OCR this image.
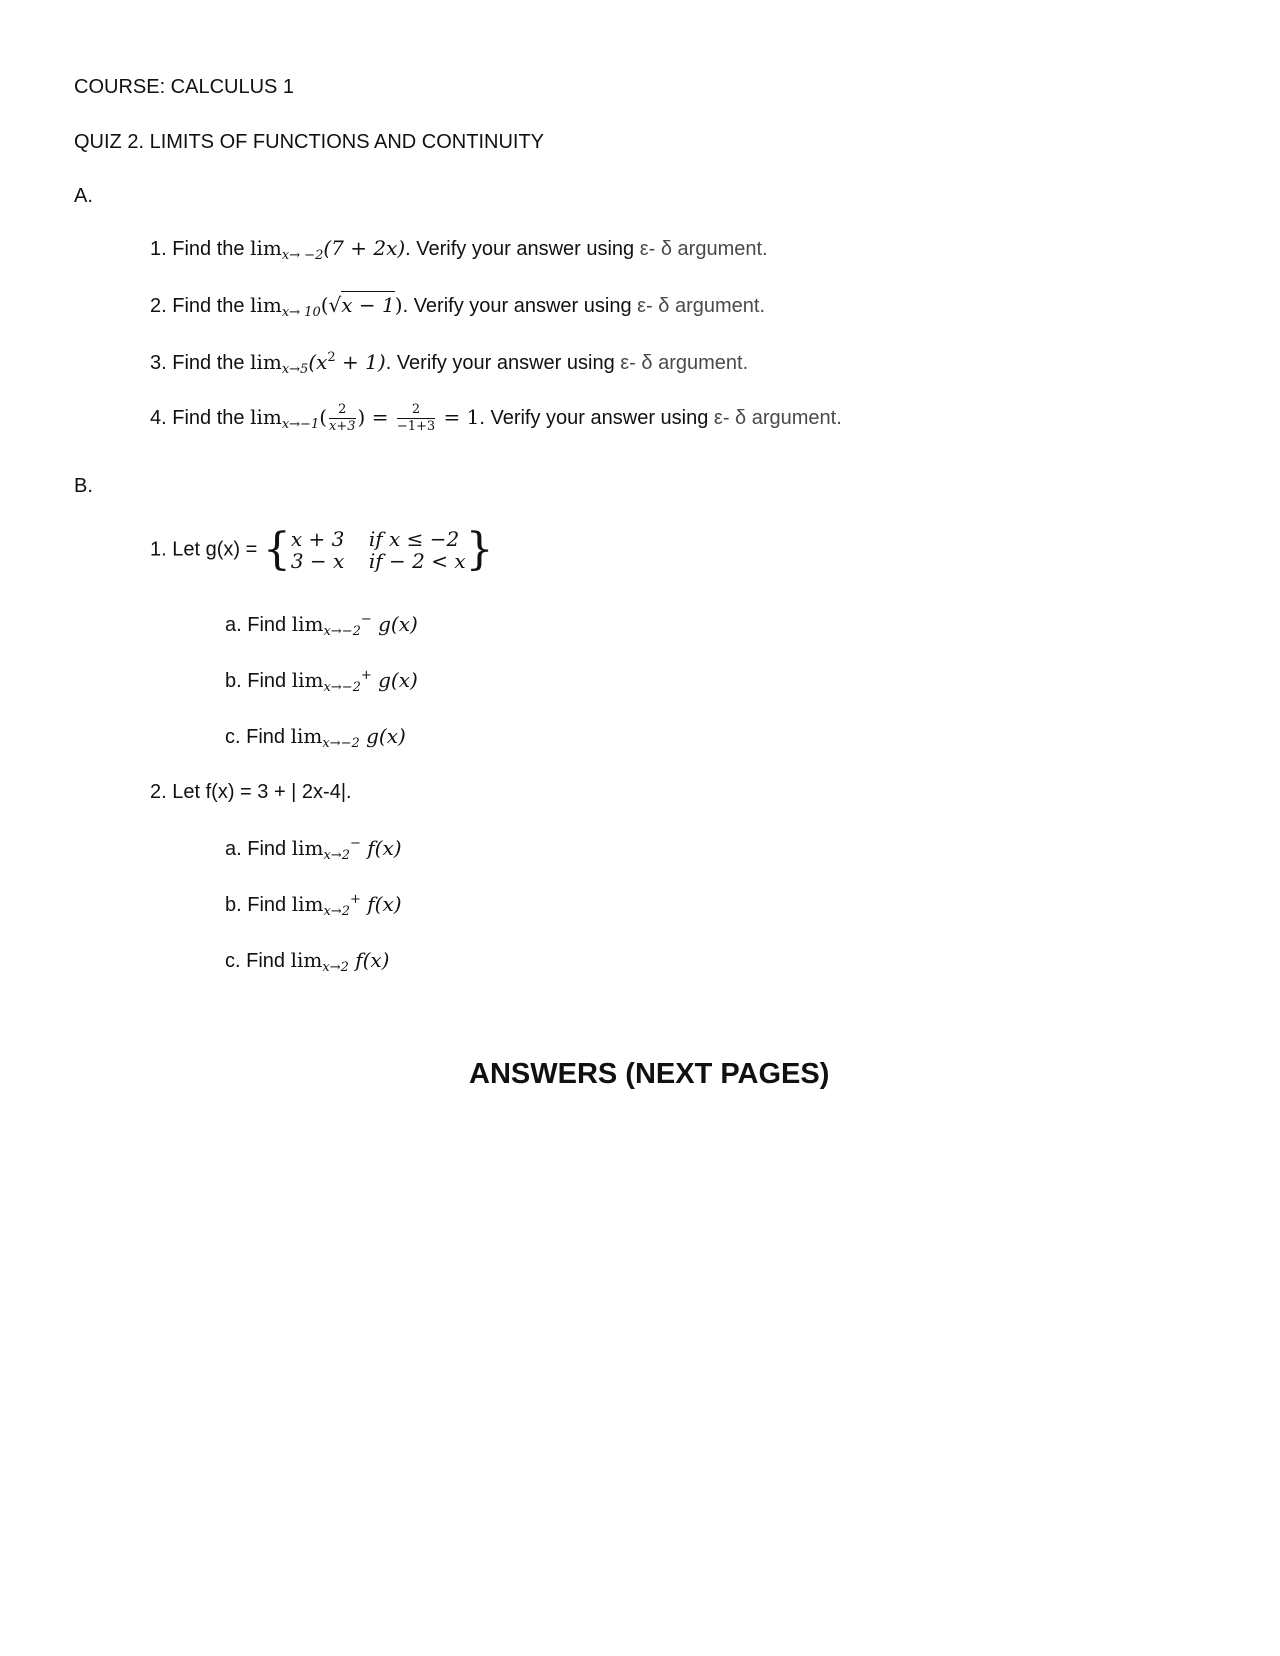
COURSE: CALCULUS 1
QUIZ 2. LIMITS OF FUNCTIONS AND CONTINUITY
A.
1. Find the $\lim_{x\to -2}(7 + 2x)$. Verify your answer using ε- δ argument.
2. Find the $\lim_{x\to 10}(√x - 1)$. Verify your answer using ε- δ argument.
3. Find the $\lim_{x\to 5}(x^2 + 1)$. Verify your answer using ε- δ argument.
4. Find the $\lim_{x\to-1}( \frac{2}{x+3}$ ) = $\frac{2}{-1+3} = 1$. Verify your answer using ε- δ argument.
B.
1. Let g(x) = { x + 3 if x ≤ −2
3 − x if − 2 < x }
a. Find $\lim_{x\to-2}^- g(x)$
b. Find $\lim_{x\to-2}^+ g(x)$
c. Find $\lim_{x\to-2} g(x)$
2. Let f(x) = 3 + | 2x-4|.
a. Find $\lim_{x\to 2}^- f(x)$
b. Find $\lim_{x\to 2}^+ f(x)$
c. Find $\lim_{x\to 2} f(x)$
ANSWERS (NEXT PAGES)
